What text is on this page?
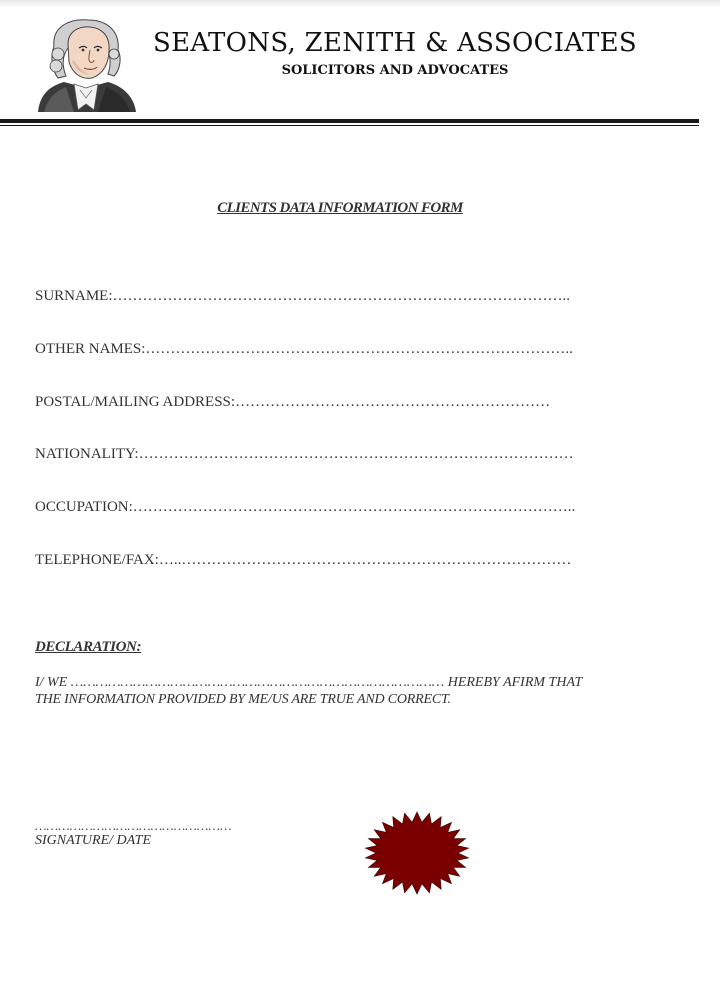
SEATONS, ZENITH & ASSOCIATES
SOLICITORS AND ADVOCATES
CLIENTS DATA INFORMATION FORM
SURNAME:………………………………………………………………………………..
OTHER NAMES:…………………………………………………………………………..
POSTAL/MAILING ADDRESS:………………………………………………………
NATIONALITY:……………………………………………………………………………
OCCUPATION:……………………………………………………………………………..
TELEPHONE/FAX:…..……………………………………………………………………
DECLARATION:
I/ WE ……………………………………………………………………………… HEREBY AFIRM THAT
THE INFORMATION PROVIDED BY ME/US ARE TRUE AND CORRECT.
……………………………………………
SIGNATURE/ DATE
